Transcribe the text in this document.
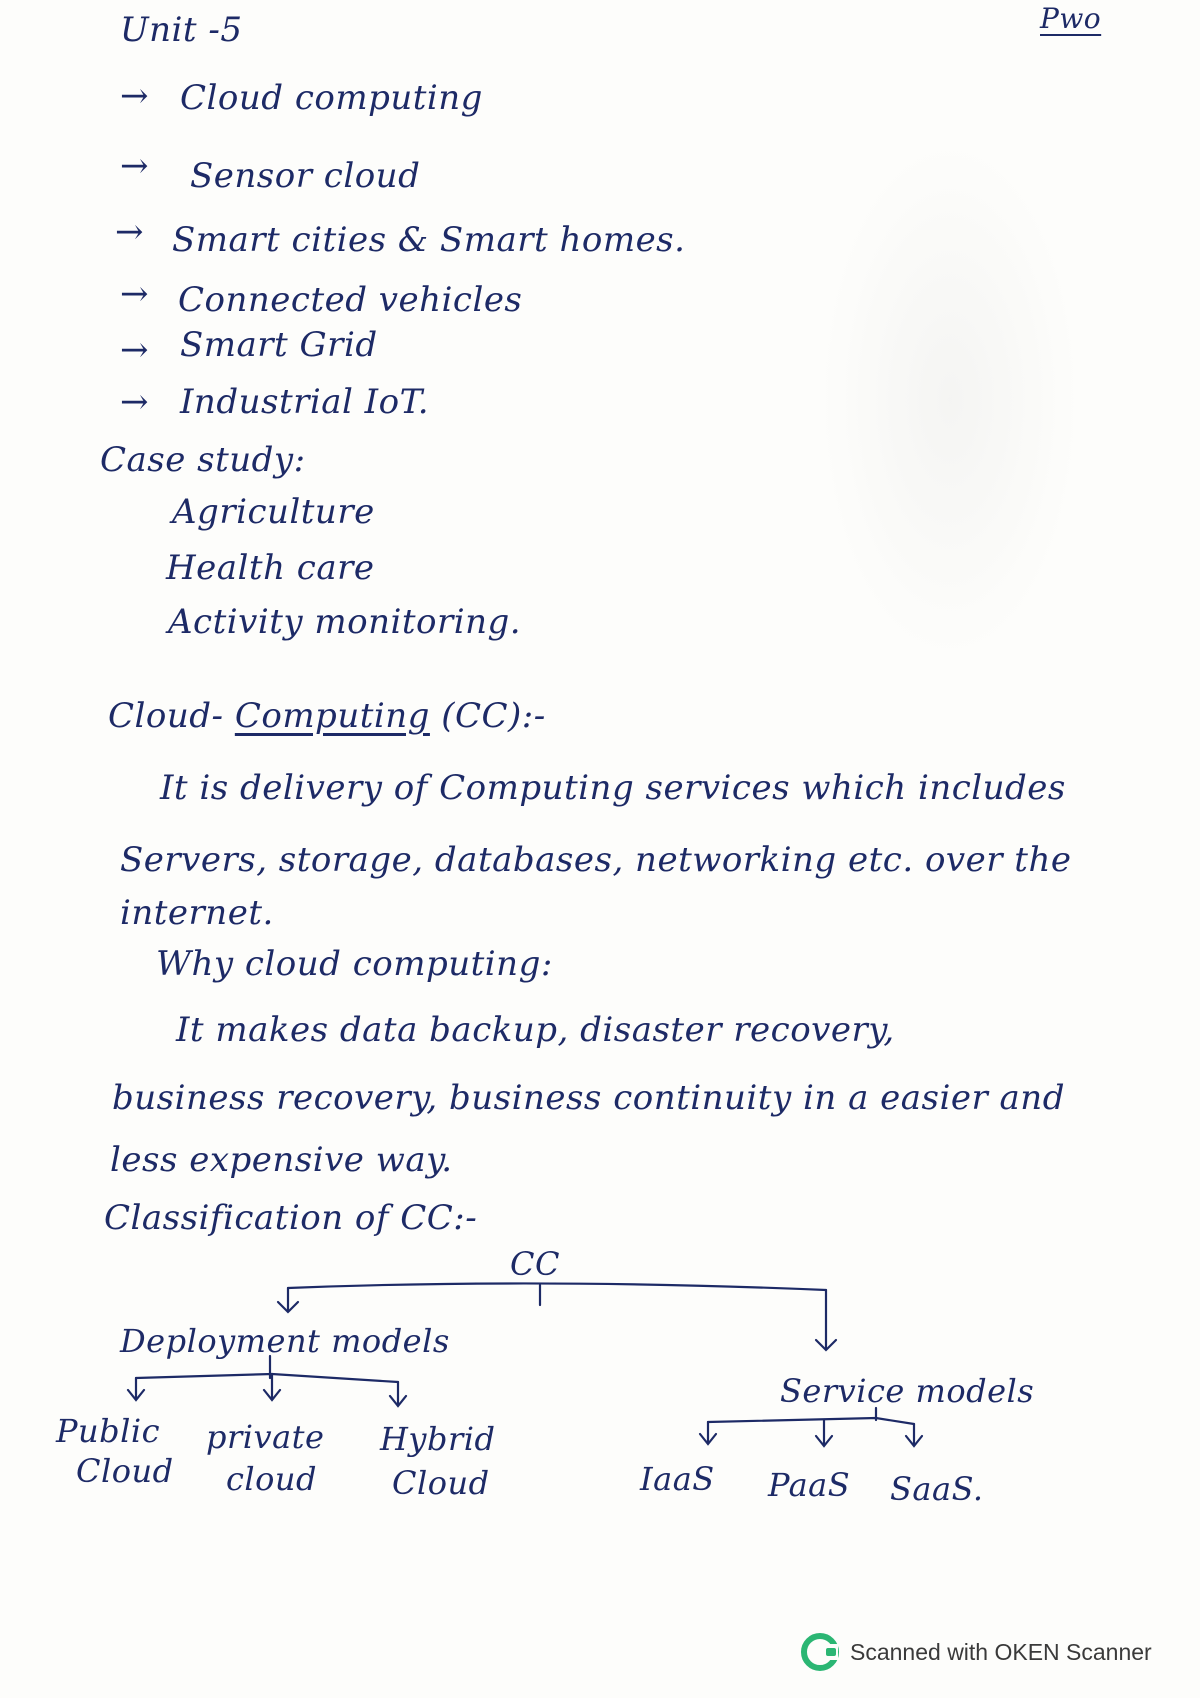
Unit -5	Pwo
→ Cloud computing
→ Sensor cloud
→ Smart cities & Smart homes.
→ Connected vehicles
→ Smart Grid
→ Industrial IoT.
Case study:
Agriculture
Health care
Activity monitoring.
Cloud- Computing (CC):-
It is delivery of Computing services which includes
Servers, storage, databases, networking etc. over the
internet.
Why cloud computing:
It makes data backup, disaster recovery,
business recovery, business continuity in a easier and
less expensive way.
Classification of CC:-
CC
Deployment models
Service models
Public
Cloud
private
cloud
Hybrid
Cloud	IaaS PaaS SaaS.
Scanned with OKEN Scanner
